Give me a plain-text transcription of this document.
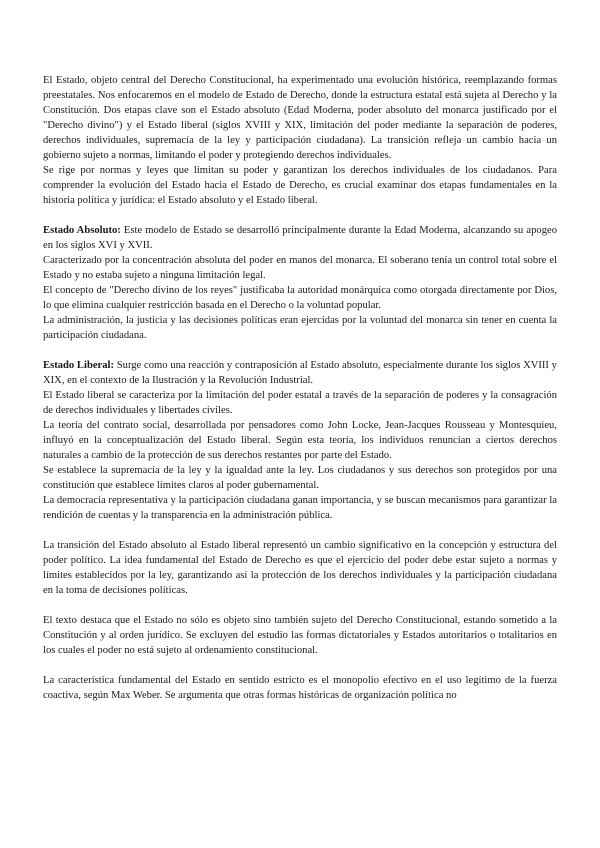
El Estado, objeto central del Derecho Constitucional, ha experimentado una evolución histórica, reemplazando formas preestatales. Nos enfocaremos en el modelo de Estado de Derecho, donde la estructura estatal está sujeta al Derecho y la Constitución. Dos etapas clave son el Estado absoluto (Edad Moderna, poder absoluto del monarca justificado por el "Derecho divino") y el Estado liberal (siglos XVIII y XIX, limitación del poder mediante la separación de poderes, derechos individuales, supremacía de la ley y participación ciudadana). La transición refleja un cambio hacia un gobierno sujeto a normas, limitando el poder y protegiendo derechos individuales.

Se rige por normas y leyes que limitan su poder y garantizan los derechos individuales de los ciudadanos. Para comprender la evolución del Estado hacia el Estado de Derecho, es crucial examinar dos etapas fundamentales en la historia política y jurídica: el Estado absoluto y el Estado liberal.

Estado Absoluto: Este modelo de Estado se desarrolló principalmente durante la Edad Moderna, alcanzando su apogeo en los siglos XVI y XVII.

Caracterizado por la concentración absoluta del poder en manos del monarca. El soberano tenía un control total sobre el Estado y no estaba sujeto a ninguna limitación legal.

El concepto de "Derecho divino de los reyes" justificaba la autoridad monárquica como otorgada directamente por Dios, lo que elimina cualquier restricción basada en el Derecho o la voluntad popular.

La administración, la justicia y las decisiones políticas eran ejercidas por la voluntad del monarca sin tener en cuenta la participación ciudadana.

Estado Liberal: Surge como una reacción y contraposición al Estado absoluto, especialmente durante los siglos XVIII y XIX, en el contexto de la Ilustración y la Revolución Industrial.

El Estado liberal se caracteriza por la limitación del poder estatal a través de la separación de poderes y la consagración de derechos individuales y libertades civiles.

La teoría del contrato social, desarrollada por pensadores como John Locke, Jean-Jacques Rousseau y Montesquieu, influyó en la conceptualización del Estado liberal. Según esta teoría, los individuos renuncian a ciertos derechos naturales a cambio de la protección de sus derechos restantes por parte del Estado.

Se establece la supremacía de la ley y la igualdad ante la ley. Los ciudadanos y sus derechos son protegidos por una constitución que establece límites claros al poder gubernamental.

La democracia representativa y la participación ciudadana ganan importancia, y se buscan mecanismos para garantizar la rendición de cuentas y la transparencia en la administración pública.

La transición del Estado absoluto al Estado liberal representó un cambio significativo en la concepción y estructura del poder político. La idea fundamental del Estado de Derecho es que el ejercicio del poder debe estar sujeto a normas y límites establecidos por la ley, garantizando así la protección de los derechos individuales y la participación ciudadana en la toma de decisiones políticas.

El texto destaca que el Estado no sólo es objeto sino también sujeto del Derecho Constitucional, estando sometido a la Constitución y al orden jurídico. Se excluyen del estudio las formas dictatoriales y Estados autoritarios o totalitarios en los cuales el poder no está sujeto al ordenamiento constitucional.

La característica fundamental del Estado en sentido estricto es el monopolio efectivo en el uso legítimo de la fuerza coactiva, según Max Weber. Se argumenta que otras formas históricas de organización política no
